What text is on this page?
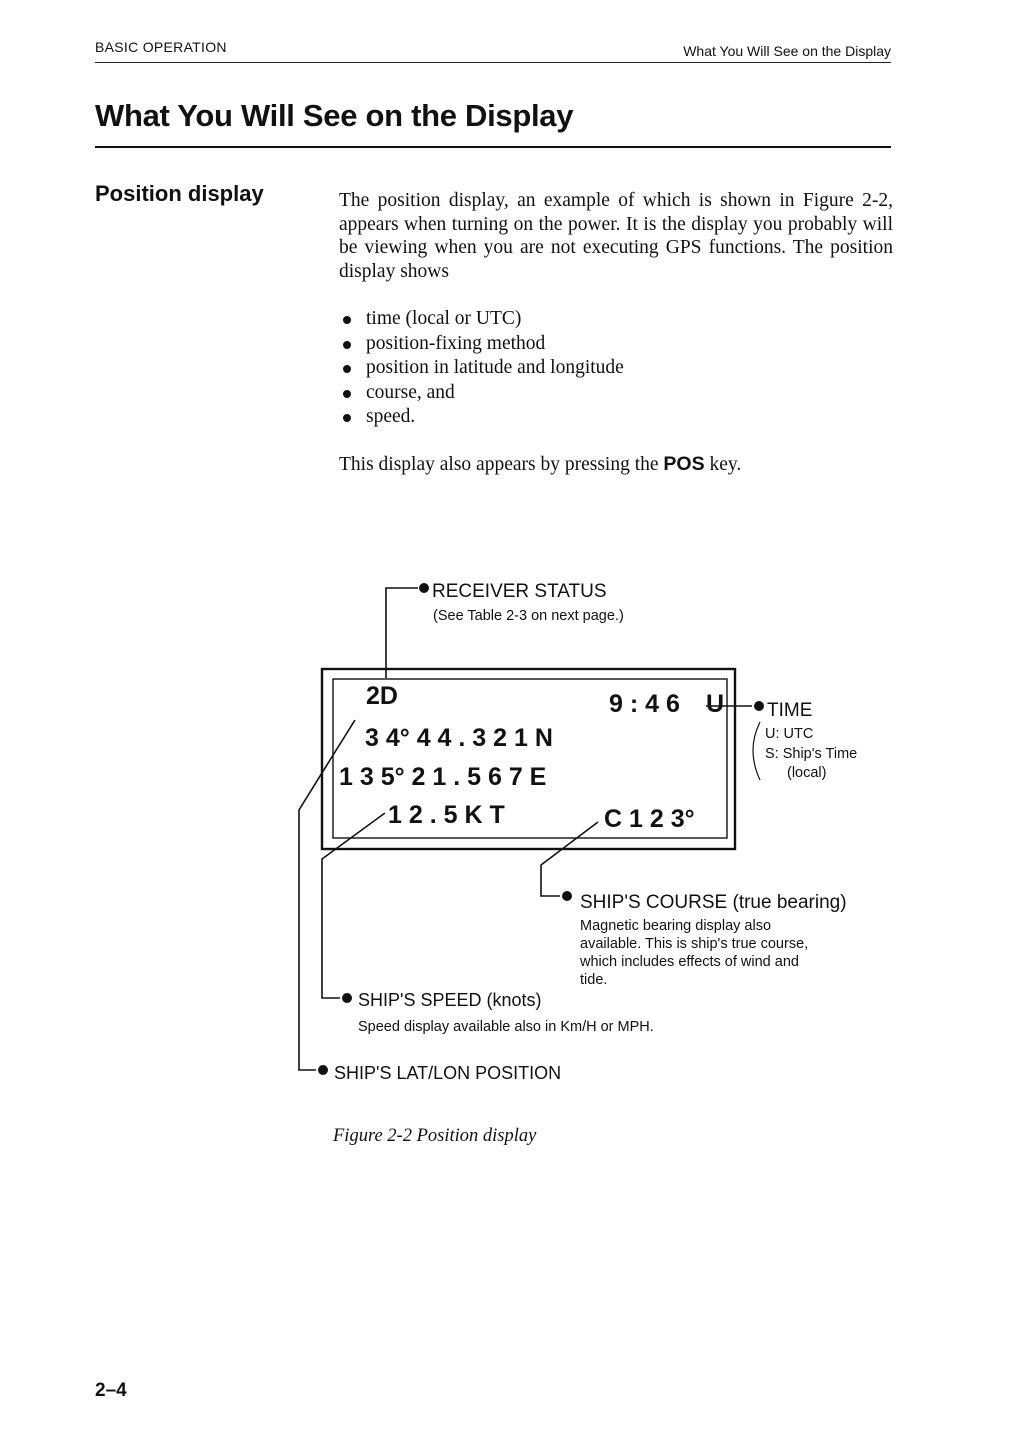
BASIC OPERATION	What You Will See on the Display
What You Will See on the Display
Position display	The position display, an example of which is shown in Figure 2-2, appears when turning on the power. It is the display you probably will be viewing when you are not executing GPS functions. The position display shows
time (local or UTC)
position-fixing method
position in latitude and longitude
course, and
speed.
This display also appears by pressing the POS key.
2D	9 : 4 6 U
3 4° 4 4 . 3 2 1 N
1 3 5° 2 1 . 5 6 7 E
1 2 . 5 K T	C 1 2 3°
RECEIVER STATUS
(See Table 2-3 on next page.)
TIME
U: UTC
S: Ship's Time
(local)
SHIP'S COURSE (true bearing)
Magnetic bearing display also
available. This is ship's true course,
which includes effects of wind and
tide.
SHIP'S SPEED (knots)
Speed display available also in Km/H or MPH.
SHIP'S LAT/LON POSITION
Figure 2-2 Position display
2–4
